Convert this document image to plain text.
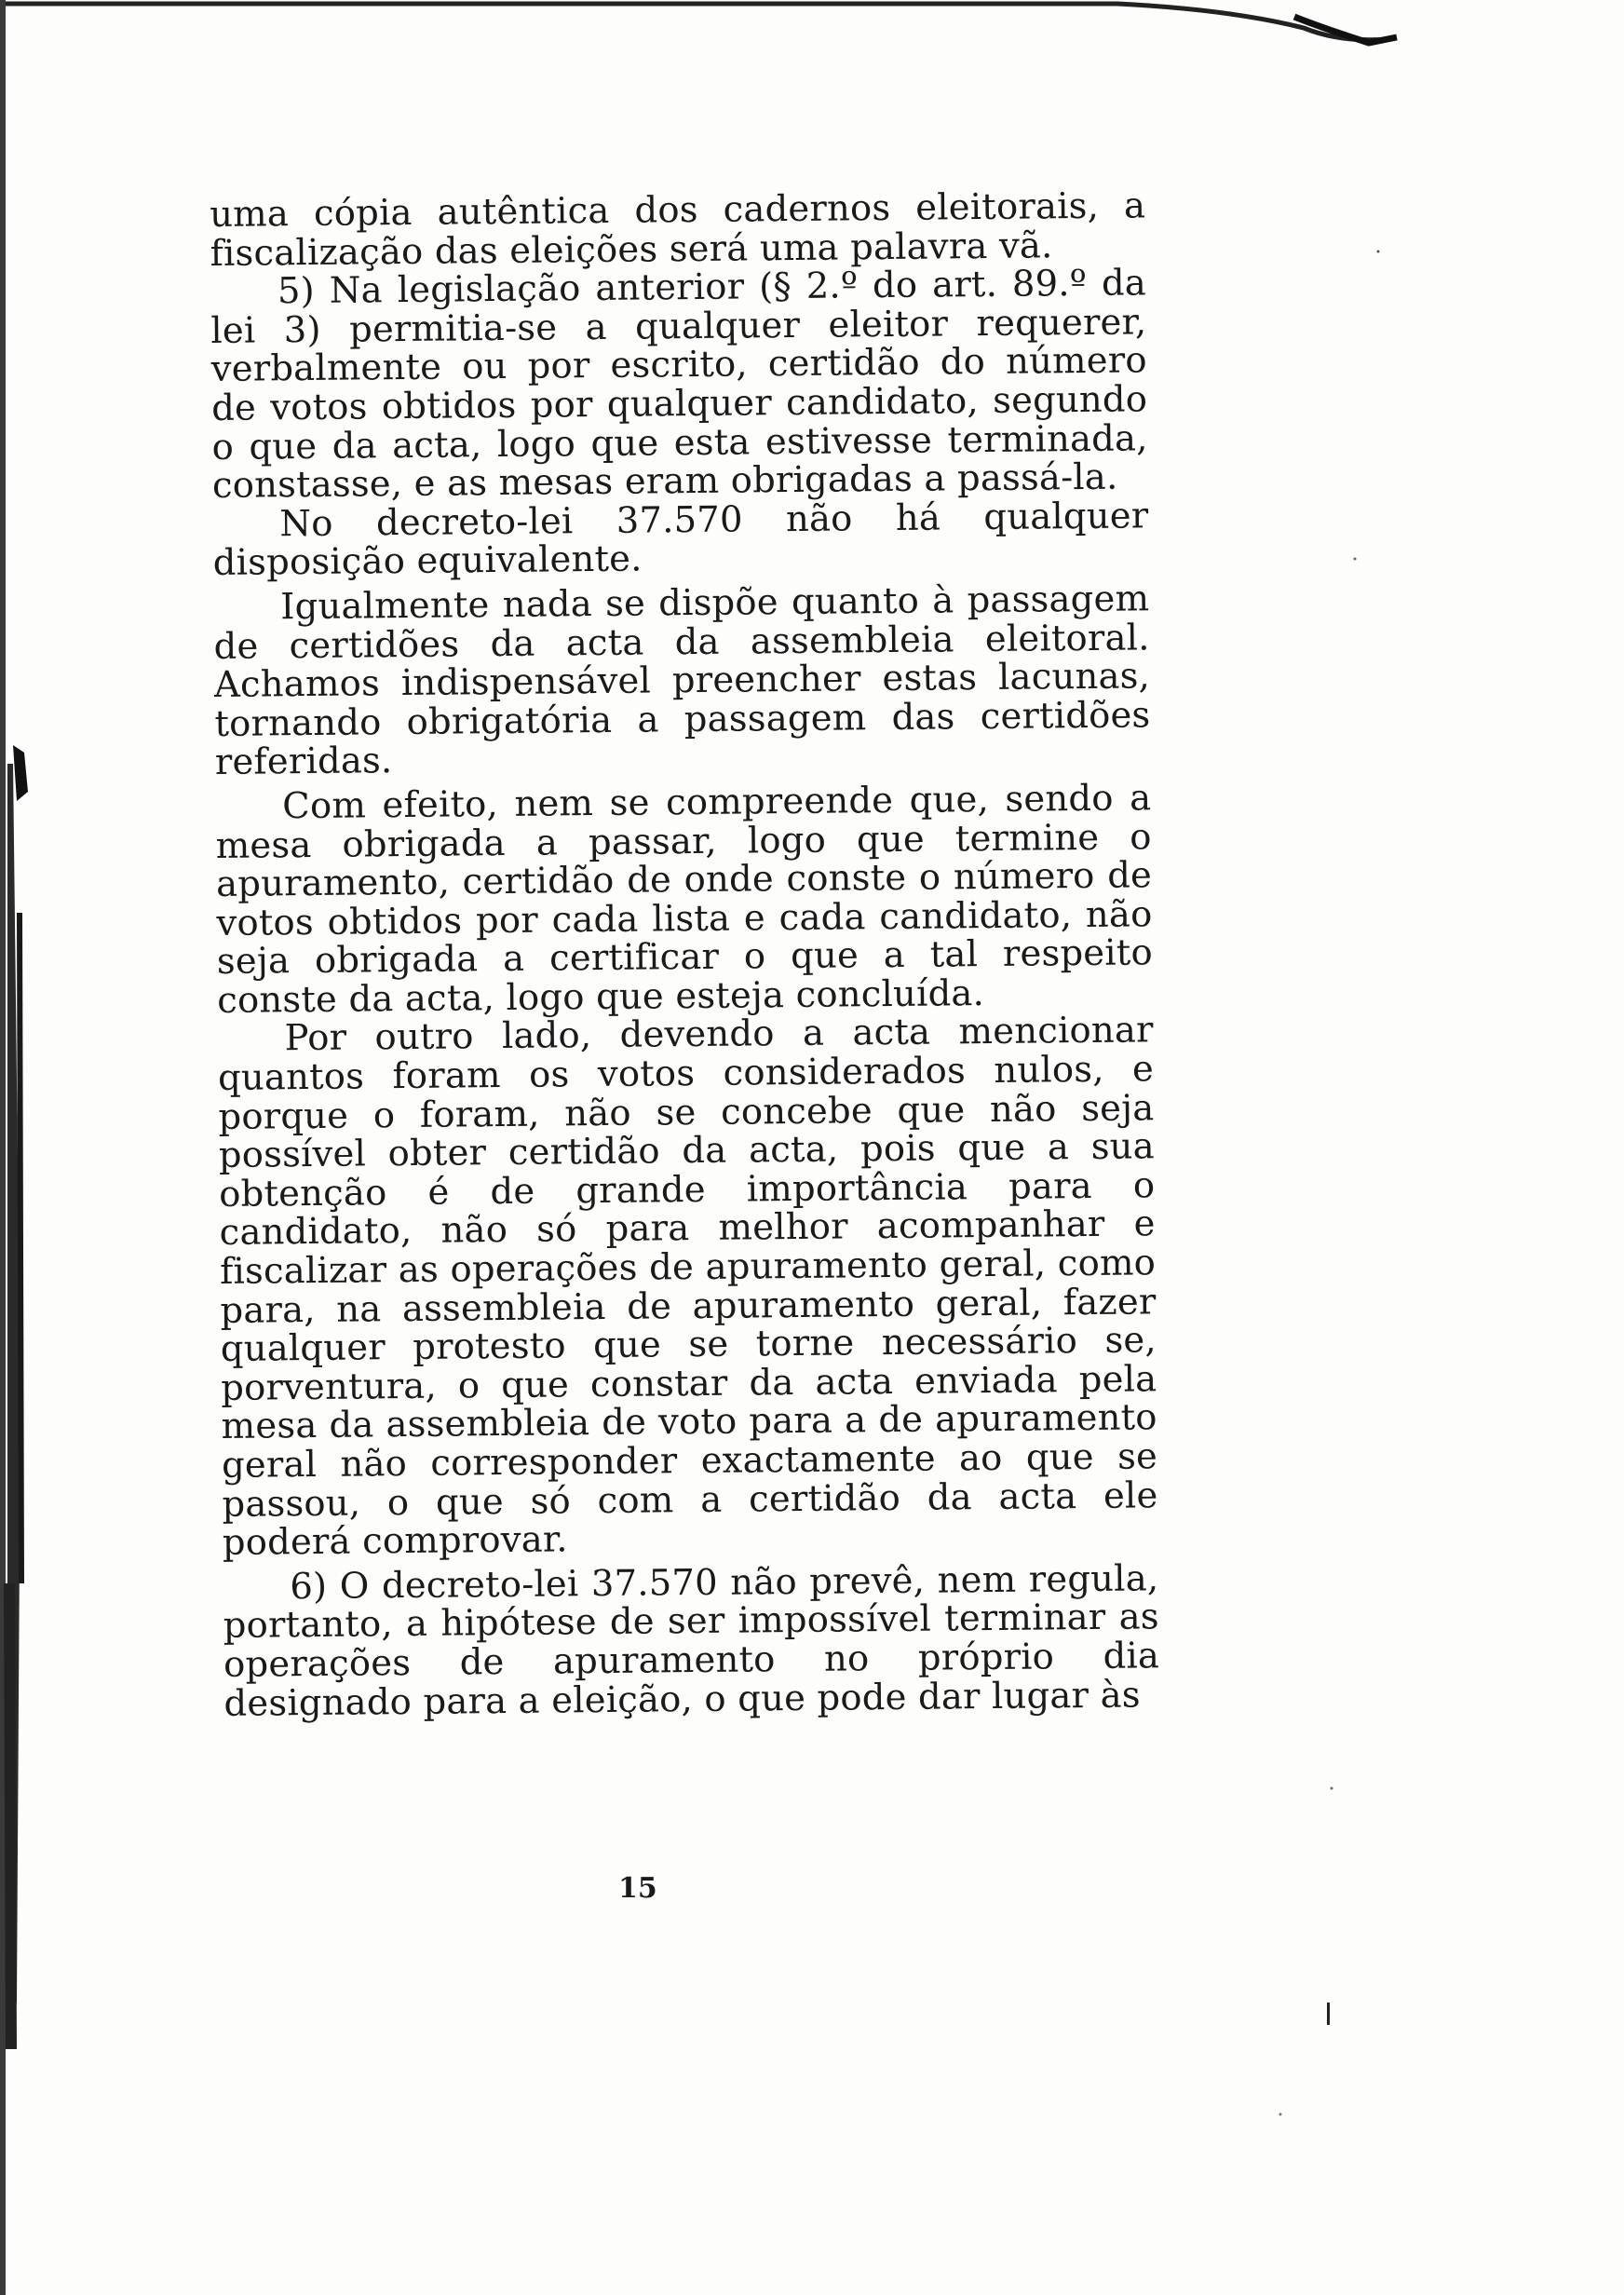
uma cópia autêntica dos cadernos eleitorais, a fiscalização das eleições será uma palavra vã.

5) Na legislação anterior (§ 2.º do art. 89.º da lei 3) permitia-se a qualquer eleitor requerer, verbalmente ou por escrito, certidão do número de votos obtidos por qualquer candidato, segundo o que da acta, logo que esta estivesse terminada, constasse, e as mesas eram obrigadas a passá-la.

No decreto-lei 37.570 não há qualquer disposição equivalente.

Igualmente nada se dispõe quanto à passagem de certidões da acta da assembleia eleitoral. Achamos indispensável preencher estas lacunas, tornando obrigatória a passagem das certidões referidas.

Com efeito, nem se compreende que, sendo a mesa obrigada a passar, logo que termine o apuramento, certidão de onde conste o número de votos obtidos por cada lista e cada candidato, não seja obrigada a certificar o que a tal respeito conste da acta, logo que esteja concluída.

Por outro lado, devendo a acta mencionar quantos foram os votos considerados nulos, e porque o foram, não se concebe que não seja possível obter certidão da acta, pois que a sua obtenção é de grande importância para o candidato, não só para melhor acompanhar e fiscalizar as operações de apuramento geral, como para, na assembleia de apuramento geral, fazer qualquer protesto que se torne necessário se, porventura, o que constar da acta enviada pela mesa da assembleia de voto para a de apuramento geral não corresponder exactamente ao que se passou, o que só com a certidão da acta ele poderá comprovar.

6) O decreto-lei 37.570 não prevê, nem regula, portanto, a hipótese de ser impossível terminar as operações de apuramento no próprio dia designado para a eleição, o que pode dar lugar às

15
